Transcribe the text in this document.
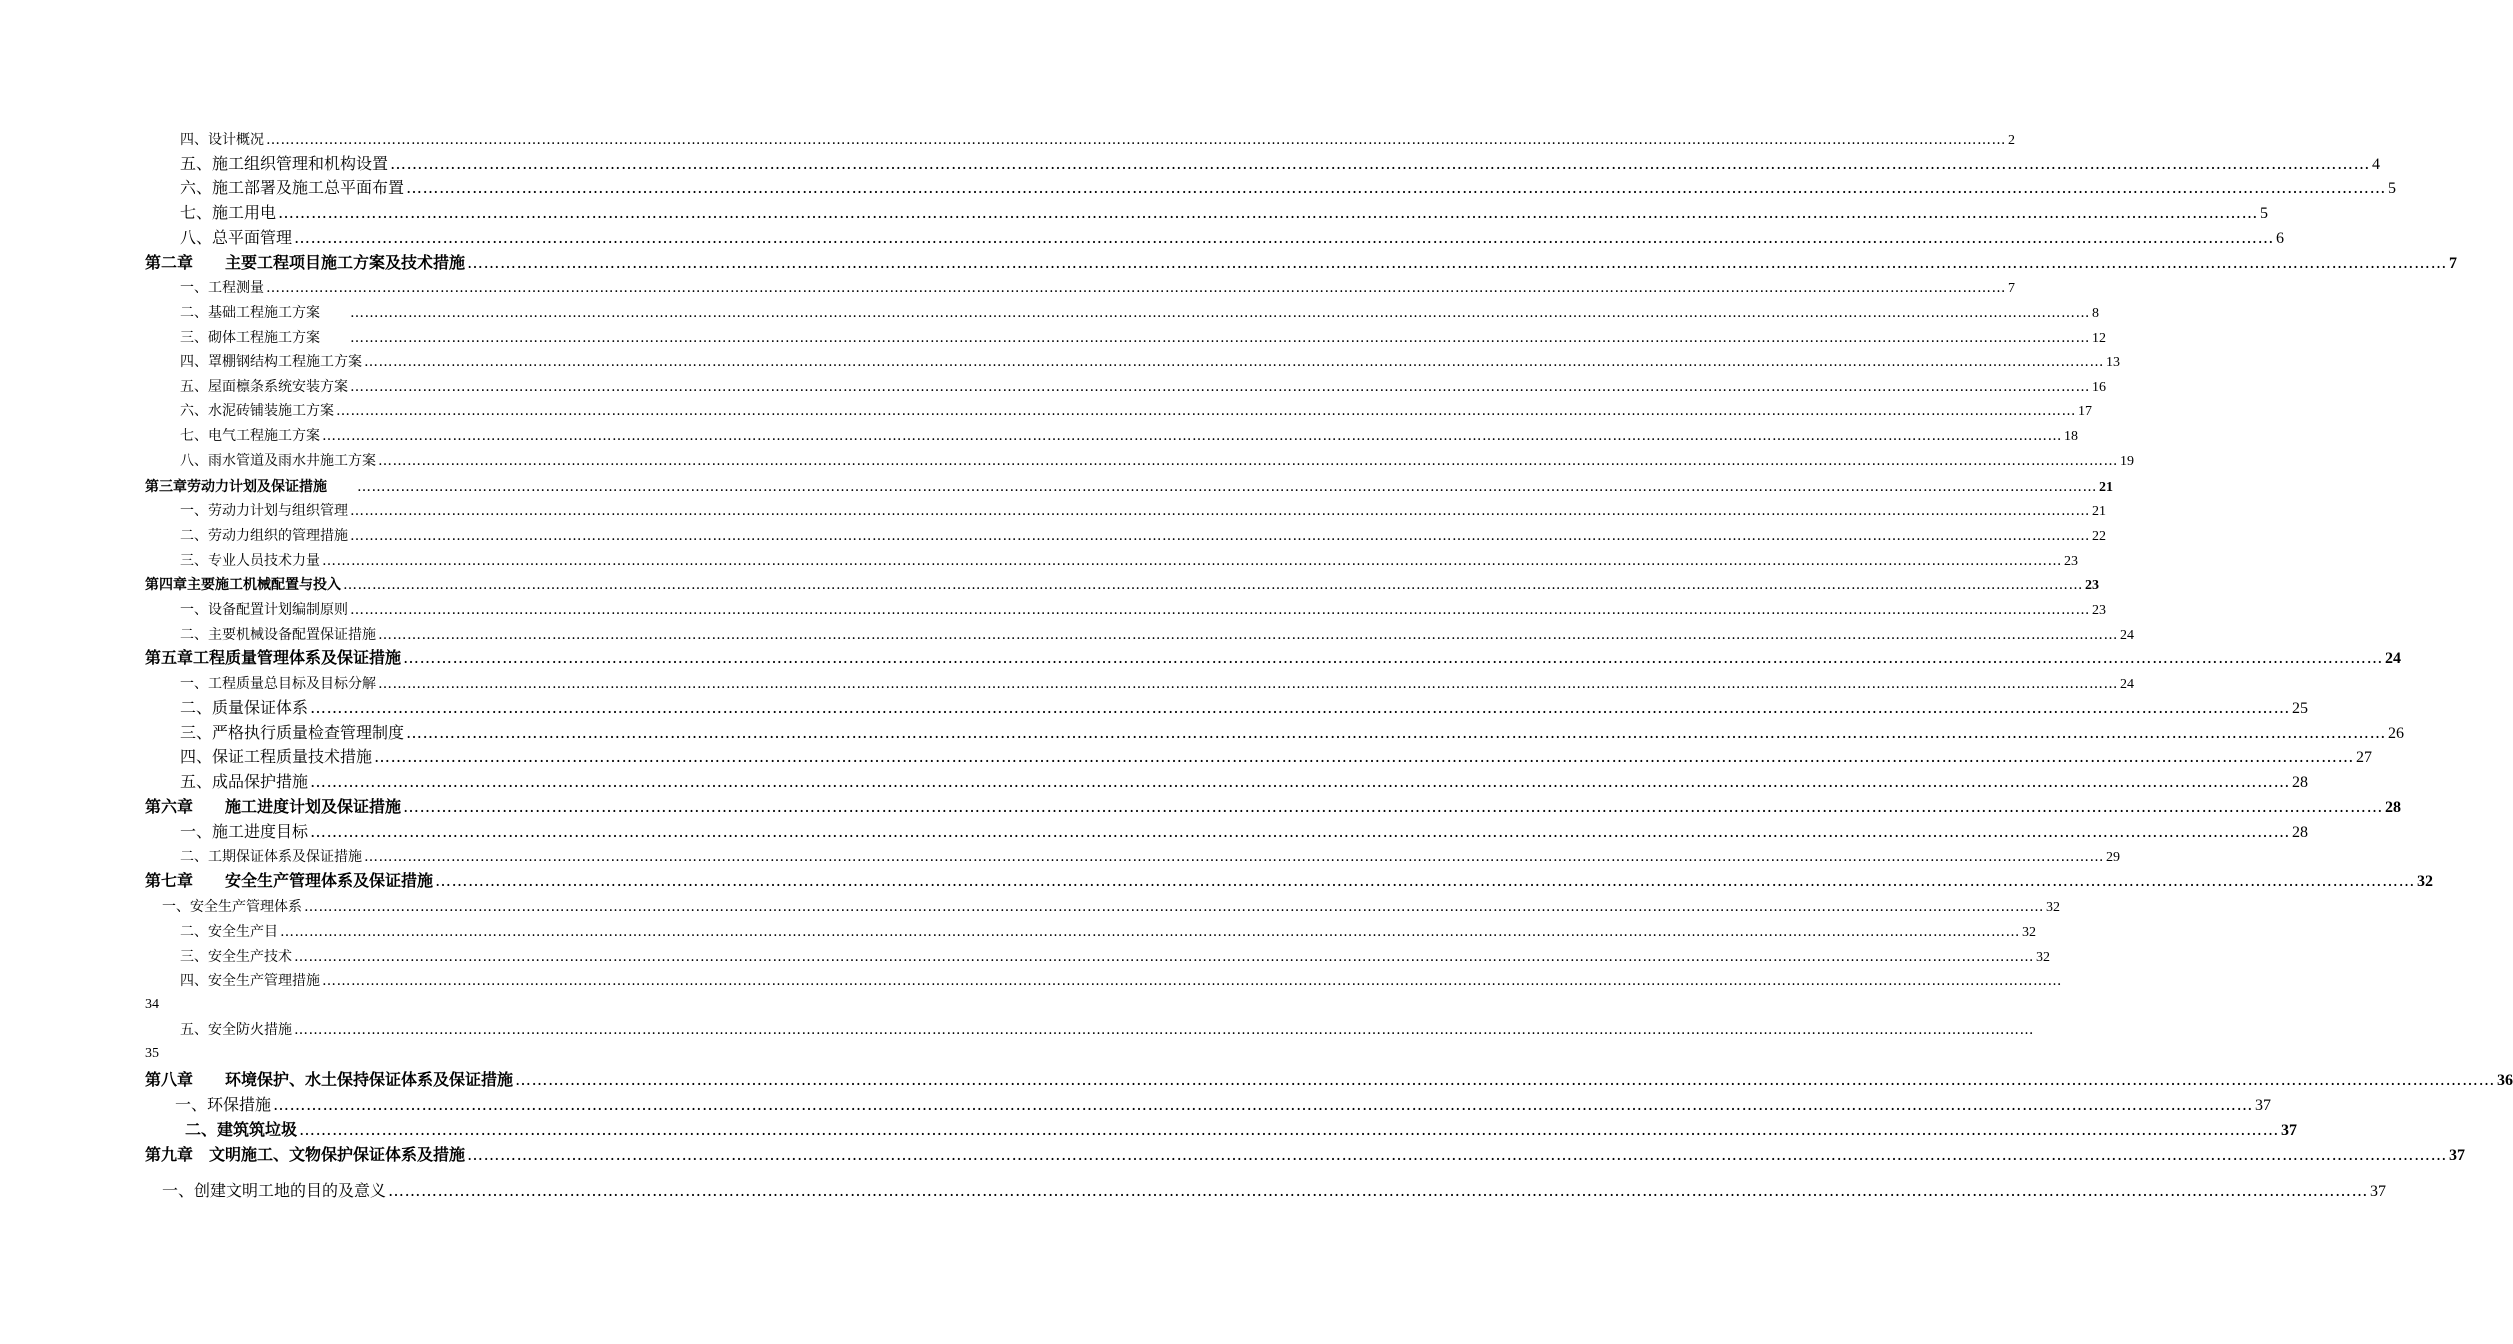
四、设计概况 ……………………………………………………………………………………………………………………………………………………………………………………………………………………………………………………………………………………………………………………………… 2
五、施工组织管理和机构设置 ……………………………………………………………………………………………………………………………………………………………………………………………………………………………………………………………………………………………………………………………… 4
六、施工部署及施工总平面布置 ……………………………………………………………………………………………………………………………………………………………………………………………………………………………………………………………………………………………………………………………… 5
七、施工用电 ……………………………………………………………………………………………………………………………………………………………………………………………………………………………………………………………………………………………………………………………… 5
八、总平面管理 ……………………………………………………………………………………………………………………………………………………………………………………………………………………………………………………………………………………………………………………………… 6
第二章　　主要工程项目施工方案及技术措施 ……………………………………………………………………………………………………………………………………………………………………………………………………………………………………………………………………………………………………………………………… 7
一、工程测量 ……………………………………………………………………………………………………………………………………………………………………………………………………………………………………………………………………………………………………………………………… 7
二、基础工程施工方案　　 ……………………………………………………………………………………………………………………………………………………………………………………………………………………………………………………………………………………………………………………………… 8
三、砌体工程施工方案　　 ……………………………………………………………………………………………………………………………………………………………………………………………………………………………………………………………………………………………………………………………… 12
四、罩棚钢结构工程施工方案 ……………………………………………………………………………………………………………………………………………………………………………………………………………………………………………………………………………………………………………………………… 13
五、屋面檩条系统安装方案 ……………………………………………………………………………………………………………………………………………………………………………………………………………………………………………………………………………………………………………………………… 16
六、水泥砖铺装施工方案 ……………………………………………………………………………………………………………………………………………………………………………………………………………………………………………………………………………………………………………………………… 17
七、电气工程施工方案 ……………………………………………………………………………………………………………………………………………………………………………………………………………………………………………………………………………………………………………………………… 18
八、雨水管道及雨水井施工方案 ……………………………………………………………………………………………………………………………………………………………………………………………………………………………………………………………………………………………………………………………… 19
第三章劳动力计划及保证措施　　 ……………………………………………………………………………………………………………………………………………………………………………………………………………………………………………………………………………………………………………………………… 21
一、劳动力计划与组织管理 ……………………………………………………………………………………………………………………………………………………………………………………………………………………………………………………………………………………………………………………………… 21
二、劳动力组织的管理措施 ……………………………………………………………………………………………………………………………………………………………………………………………………………………………………………………………………………………………………………………………… 22
三、专业人员技术力量 ……………………………………………………………………………………………………………………………………………………………………………………………………………………………………………………………………………………………………………………………… 23
第四章主要施工机械配置与投入 ……………………………………………………………………………………………………………………………………………………………………………………………………………………………………………………………………………………………………………………………… 23
一、设备配置计划编制原则 ……………………………………………………………………………………………………………………………………………………………………………………………………………………………………………………………………………………………………………………………… 23
二、主要机械设备配置保证措施 ……………………………………………………………………………………………………………………………………………………………………………………………………………………………………………………………………………………………………………………………… 24
第五章工程质量管理体系及保证措施 ……………………………………………………………………………………………………………………………………………………………………………………………………………………………………………………………………………………………………………………………… 24
一、工程质量总目标及目标分解 ……………………………………………………………………………………………………………………………………………………………………………………………………………………………………………………………………………………………………………………………… 24
二、质量保证体系 ……………………………………………………………………………………………………………………………………………………………………………………………………………………………………………………………………………………………………………………………… 25
三、严格执行质量检查管理制度 ……………………………………………………………………………………………………………………………………………………………………………………………………………………………………………………………………………………………………………………………… 26
四、保证工程质量技术措施 ……………………………………………………………………………………………………………………………………………………………………………………………………………………………………………………………………………………………………………………………… 27
五、成品保护措施 ……………………………………………………………………………………………………………………………………………………………………………………………………………………………………………………………………………………………………………………………… 28
第六章　　施工进度计划及保证措施 ……………………………………………………………………………………………………………………………………………………………………………………………………………………………………………………………………………………………………………………………… 28
一、施工进度目标 ……………………………………………………………………………………………………………………………………………………………………………………………………………………………………………………………………………………………………………………………… 28
二、工期保证体系及保证措施 ……………………………………………………………………………………………………………………………………………………………………………………………………………………………………………………………………………………………………………………………… 29
第七章　　安全生产管理体系及保证措施 ……………………………………………………………………………………………………………………………………………………………………………………………………………………………………………………………………………………………………………………………… 32
一、安全生产管理体系 ……………………………………………………………………………………………………………………………………………………………………………………………………………………………………………………………………………………………………………………………… 32
二、安全生产目 ……………………………………………………………………………………………………………………………………………………………………………………………………………………………………………………………………………………………………………………………… 32
三、安全生产技术 ……………………………………………………………………………………………………………………………………………………………………………………………………………………………………………………………………………………………………………………………… 32
四、安全生产管理措施 ………………………………………………………………………………………………………………………………………………………………………………………………………………………………………………………………………………………………………………………………
五、安全防火措施 ………………………………………………………………………………………………………………………………………………………………………………………………………………………………………………………………………………………………………………………………
第八章　　环境保护、水土保持保证体系及保证措施 ……………………………………………………………………………………………………………………………………………………………………………………………………………………………………………………………………………………………………………………………… 36
一、环保措施 ……………………………………………………………………………………………………………………………………………………………………………………………………………………………………………………………………………………………………………………………… 37
二、建筑筑垃圾 ……………………………………………………………………………………………………………………………………………………………………………………………………………………………………………………………………………………………………………………………… 37
第九章　文明施工、文物保护保证体系及措施 ……………………………………………………………………………………………………………………………………………………………………………………………………………………………………………………………………………………………………………………………… 37
一、创建文明工地的目的及意义 ……………………………………………………………………………………………………………………………………………………………………………………………………………………………………………………………………………………………………………………………… 37
34
35
